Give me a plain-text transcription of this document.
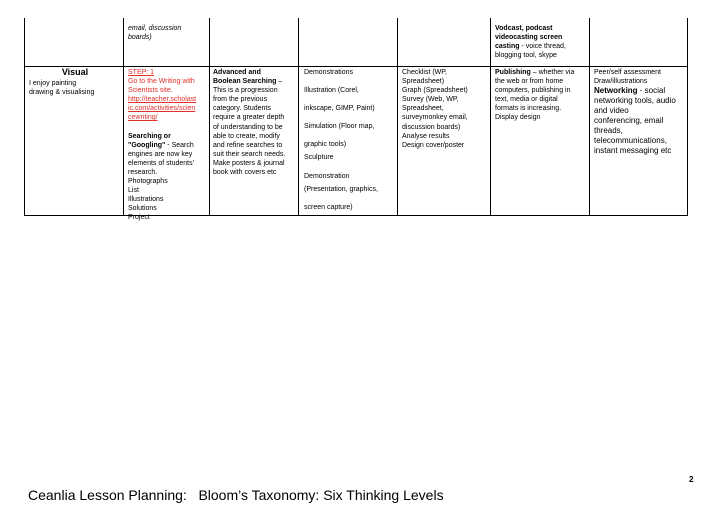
email, discussion

boards)

Vodcast, podcast

videocasting screen

casting - voice thread,

blogging tool, skype

Visual

I enjoy painting

drawing & visualising

STEP: 1

Go to the Writing with

Scientists site.

http://teacher.scholast

ic.com/activities/scien

cewriting/

Searching or

"Googling" - Search

engines are now key

elements of students'

research.

Photographs

List

Illustrations

Solutions

Project

Advanced and

Boolean Searching –

This is a progression

from the previous

category. Students

require a greater depth

of understanding to be

able to create, modify

and refine searches to

suit their search needs.

Make posters & journal

book with covers etc

Demonstrations

Illustration (Corel,

inkscape, GIMP, Paint)

Simulation (Floor map,

graphic tools)

Sculpture

Demonstration

(Presentation, graphics,

screen capture)

Checklist (WP,

Spreadsheet)

Graph (Spreadsheet)

Survey (Web, WP,

Spreadsheet,

surveymonkey email,

discussion boards)

Analyse results

Design cover/poster

Publishing – whether via

the web or from home

computers, publishing in

text, media or digital

formats is increasing.

Display design

Peer/self assessment

Draw/illustrations

Networking - social

networking tools, audio

and video

conferencing, email

threads,

telecommunications,

instant messaging etc

2
Ceanlia Lesson Planning:   Bloom’s Taxonomy: Six Thinking Levels
